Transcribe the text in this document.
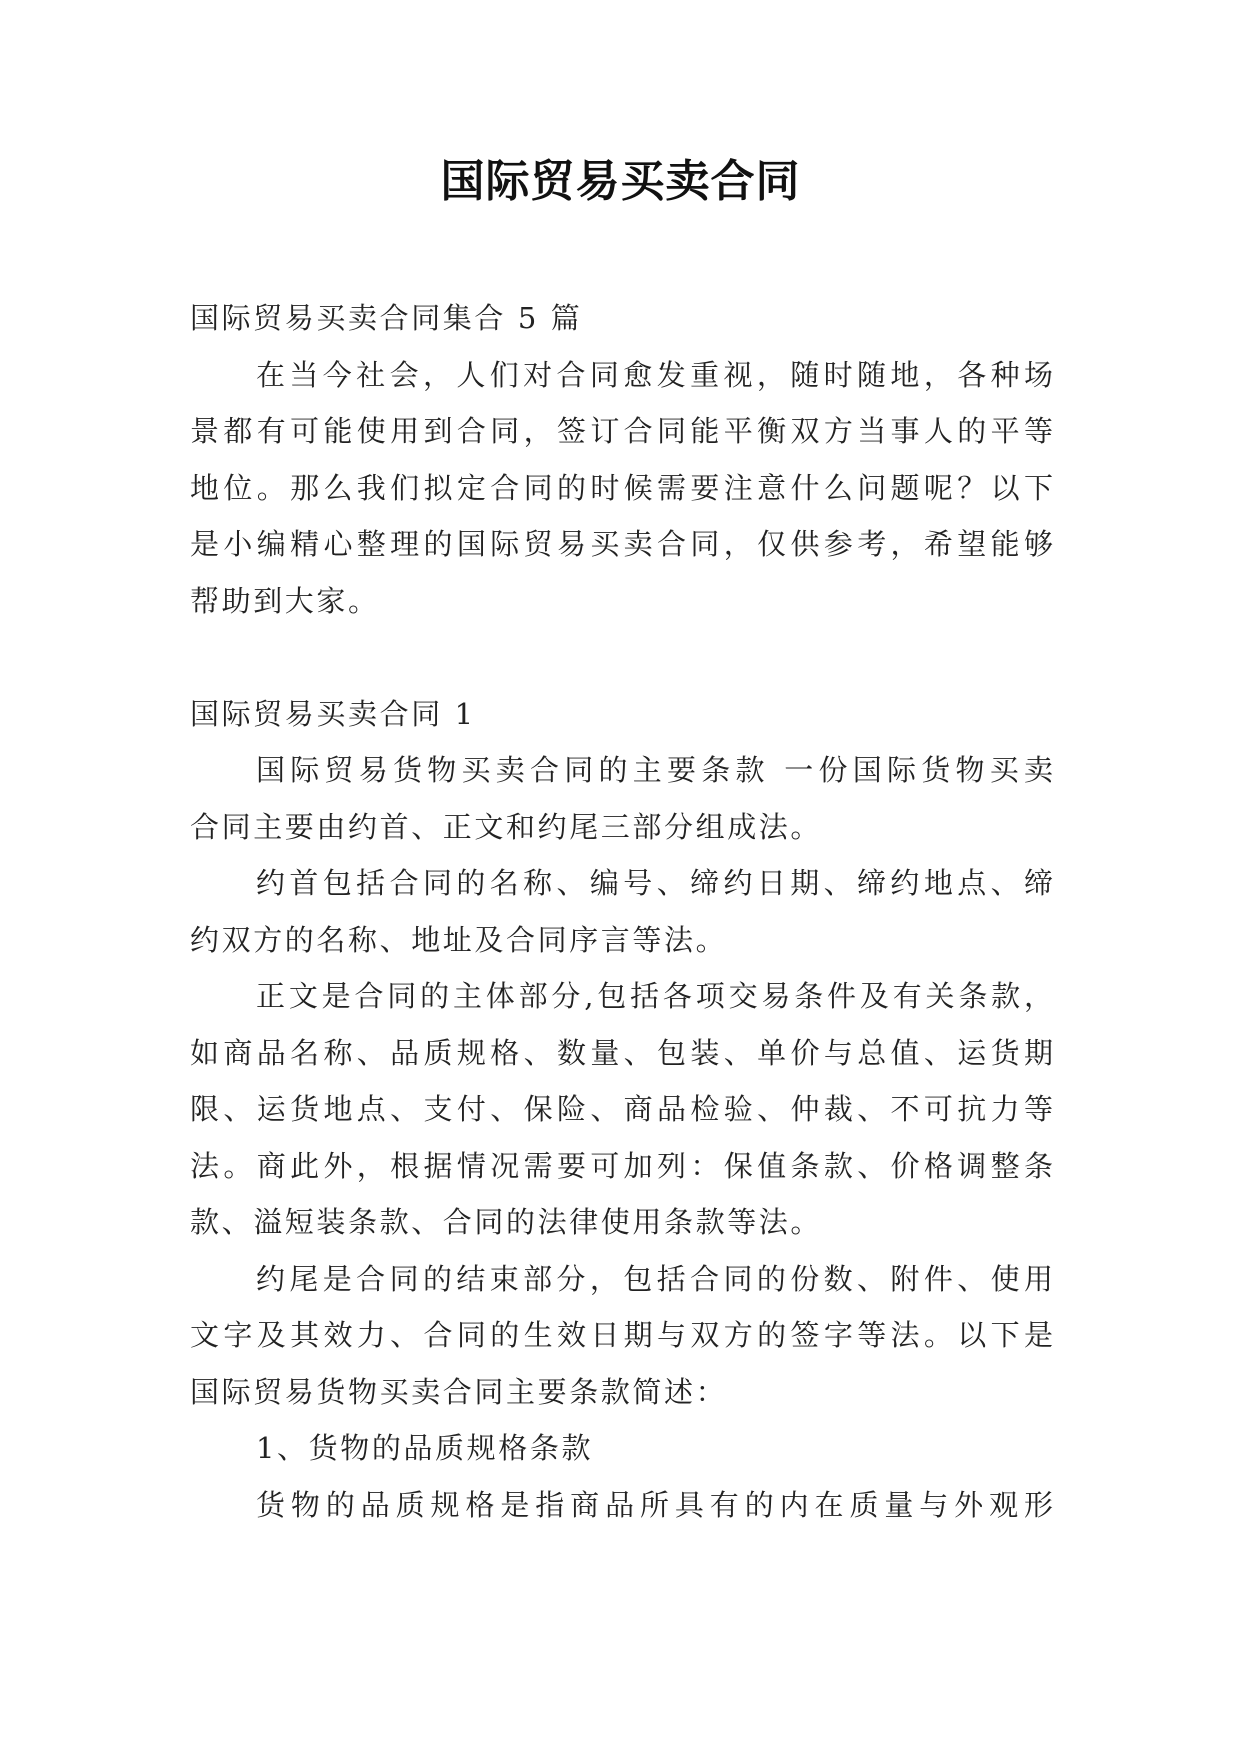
国际贸易买卖合同
国际贸易买卖合同集合 5 篇
在当今社会，人们对合同愈发重视，随时随地，各种场
景都有可能使用到合同，签订合同能平衡双方当事人的平等
地位。那么我们拟定合同的时候需要注意什么问题呢？以下
是小编精心整理的国际贸易买卖合同，仅供参考，希望能够
帮助到大家。
国际贸易买卖合同 1
国际贸易货物买卖合同的主要条款 一份国际货物买卖
合同主要由约首、正文和约尾三部分组成法。
约首包括合同的名称、编号、缔约日期、缔约地点、缔
约双方的名称、地址及合同序言等法。
正文是合同的主体部分,包括各项交易条件及有关条款，
如商品名称、品质规格、数量、包装、单价与总值、运货期
限、运货地点、支付、保险、商品检验、仲裁、不可抗力等
法。商此外，根据情况需要可加列：保值条款、价格调整条
款、溢短装条款、合同的法律使用条款等法。
约尾是合同的结束部分，包括合同的份数、附件、使用
文字及其效力、合同的生效日期与双方的签字等法。以下是
国际贸易货物买卖合同主要条款简述：
1、货物的品质规格条款
货物的品质规格是指商品所具有的内在质量与外观形
